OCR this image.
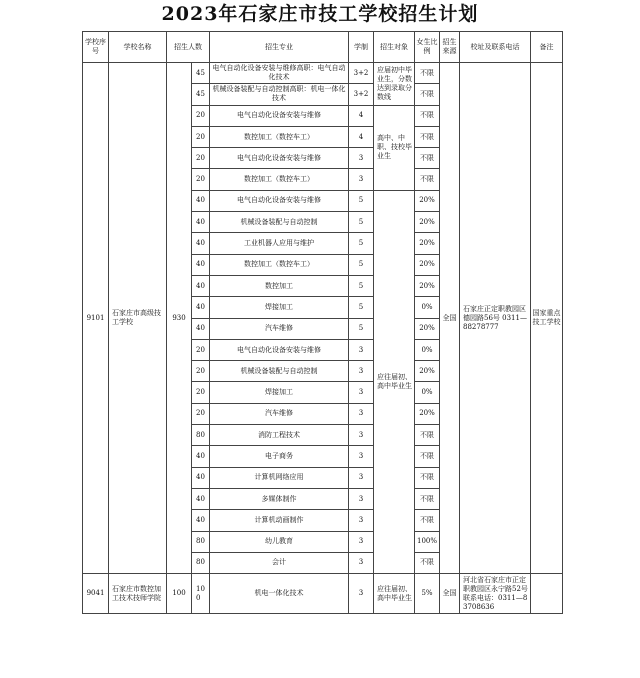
2023年石家庄市技工学校招生计划
学校序号	学校名称	招生人数		招生专业	学制	招生对象	女生比例	招生来源	校址及联系电话	备注
9101	石家庄市高级技工学校	930	45	电气自动化设备安装与维修高职：电气自动化技术	3+2	应届初中毕业生，分数达到录取分数线	不限	全国	石家庄正定职教园区德园路56号 0311—88278777	国家重点技工学校
			45	机械设备装配与自动控制高职：机电一体化技术	3+2		不限			
			20	电气自动化设备安装与维修	4	高中、中职、技校毕业生	不限			
			20	数控加工（数控车工）	4		不限			
			20	电气自动化设备安装与维修	3		不限			
			20	数控加工（数控车工）	3		不限			
			40	电气自动化设备安装与维修	5	应往届初、高中毕业生	20%			
			40	机械设备装配与自动控制	5		20%			
			40	工业机器人应用与维护	5		20%			
			40	数控加工（数控车工）	5		20%			
			40	数控加工	5		20%			
			40	焊接加工	5		0%			
			40	汽车维修	5		20%			
			20	电气自动化设备安装与维修	3		0%			
			20	机械设备装配与自动控制	3		20%			
			20	焊接加工	3		0%			
			20	汽车维修	3		20%			
			80	消防工程技术	3		不限			
			40	电子商务	3		不限			
			40	计算机网络应用	3		不限			
			40	多媒体制作	3		不限			
			40	计算机动画制作	3		不限			
			80	幼儿教育	3		100%			
			80	会计	3		不限			
9041	石家庄市数控加工技术技师学院	100	100	机电一体化技术	3	应往届初、高中毕业生	5%	全国	河北省石家庄市正定职教园区永宁路52号 联系电话：0311—83708636	
